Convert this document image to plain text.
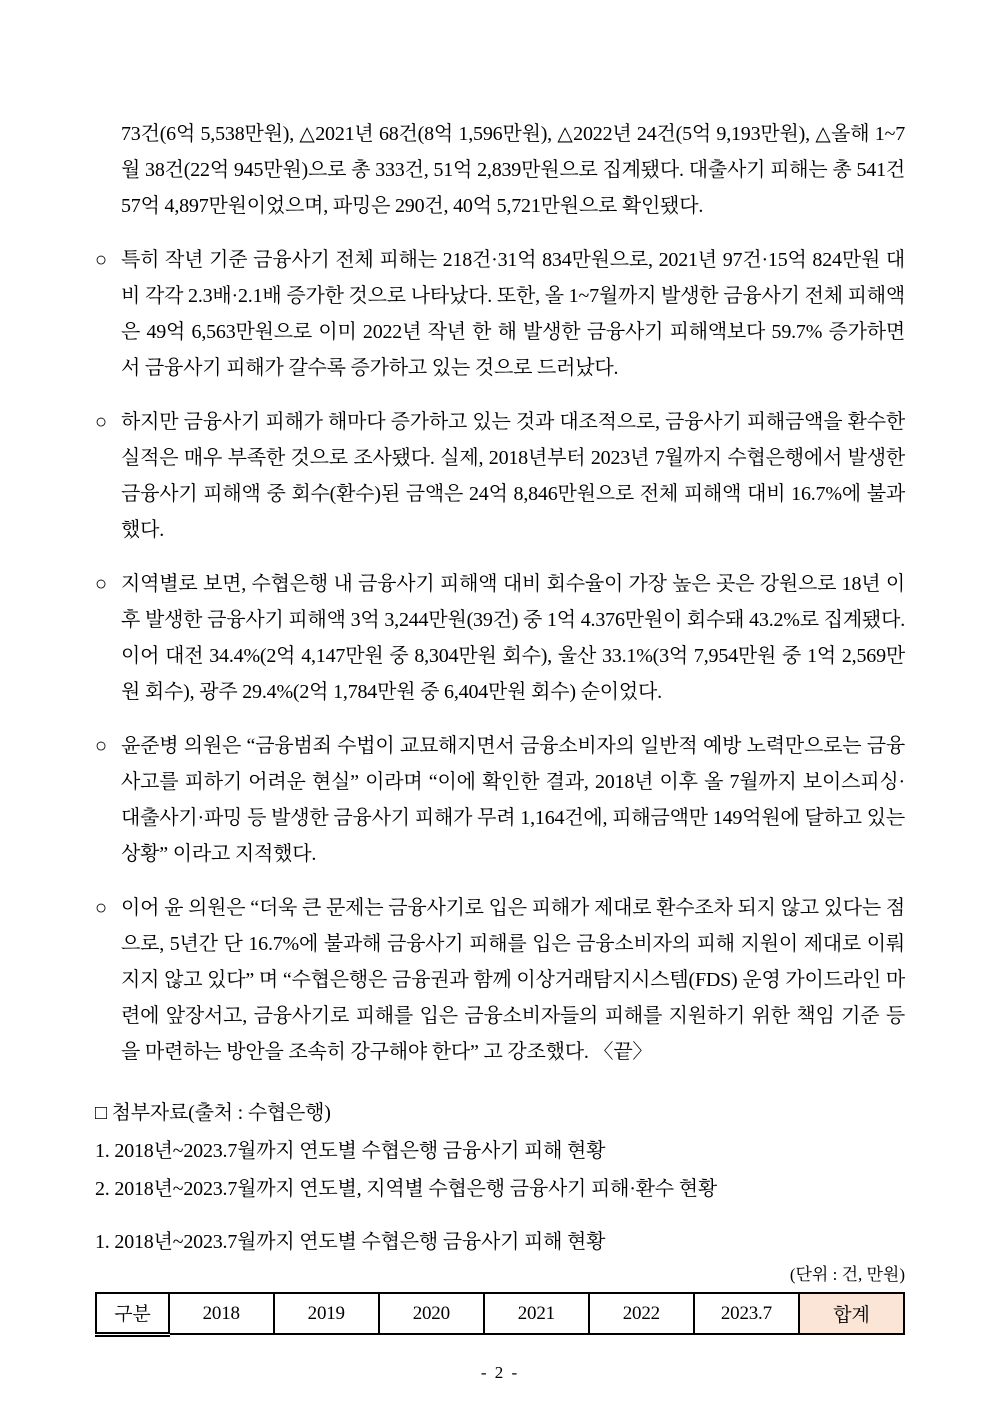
73건(6억 5,538만원), △2021년 68건(8억 1,596만원), △2022년 24건(5억 9,193만원), △올해 1~7월 38건(22억 945만원)으로 총 333건, 51억 2,839만원으로 집계됐다. 대출사기 피해는 총 541건 57억 4,897만원이었으며, 파밍은 290건, 40억 5,721만원으로 확인됐다.
○ 특히 작년 기준 금융사기 전체 피해는 218건·31억 834만원으로, 2021년 97건·15억 824만원 대비 각각 2.3배·2.1배 증가한 것으로 나타났다. 또한, 올 1~7월까지 발생한 금융사기 전체 피해액은 49억 6,563만원으로 이미 2022년 작년 한 해 발생한 금융사기 피해액보다 59.7% 증가하면서 금융사기 피해가 갈수록 증가하고 있는 것으로 드러났다.
○ 하지만 금융사기 피해가 해마다 증가하고 있는 것과 대조적으로, 금융사기 피해금액을 환수한 실적은 매우 부족한 것으로 조사됐다. 실제, 2018년부터 2023년 7월까지 수협은행에서 발생한 금융사기 피해액 중 회수(환수)된 금액은 24억 8,846만원으로 전체 피해액 대비 16.7%에 불과했다.
○ 지역별로 보면, 수협은행 내 금융사기 피해액 대비 회수율이 가장 높은 곳은 강원으로 18년 이후 발생한 금융사기 피해액 3억 3,244만원(39건) 중 1억 4.376만원이 회수돼 43.2%로 집계됐다. 이어 대전 34.4%(2억 4,147만원 중 8,304만원 회수), 울산 33.1%(3억 7,954만원 중 1억 2,569만원 회수), 광주 29.4%(2억 1,784만원 중 6,404만원 회수) 순이었다.
○ 윤준병 의원은 “금융범죄 수법이 교묘해지면서 금융소비자의 일반적 예방 노력만으로는 금융사고를 피하기 어려운 현실” 이라며 “이에 확인한 결과, 2018년 이후 올 7월까지 보이스피싱·대출사기·파밍 등 발생한 금융사기 피해가 무려 1,164건에, 피해금액만 149억원에 달하고 있는 상황” 이라고 지적했다.
○ 이어 윤 의원은 “더욱 큰 문제는 금융사기로 입은 피해가 제대로 환수조차 되지 않고 있다는 점으로, 5년간 단 16.7%에 불과해 금융사기 피해를 입은 금융소비자의 피해 지원이 제대로 이뤄지지 않고 있다” 며 “수협은행은 금융권과 함께 이상거래탐지시스템(FDS) 운영 가이드라인 마련에 앞장서고, 금융사기로 피해를 입은 금융소비자들의 피해를 지원하기 위한 책임 기준 등을 마련하는 방안을 조속히 강구해야 한다” 고 강조했다. 〈끝〉
□ 첨부자료(출처 : 수협은행)
1. 2018년~2023.7월까지 연도별 수협은행 금융사기 피해 현황
2. 2018년~2023.7월까지 연도별, 지역별 수협은행 금융사기 피해·환수 현황
1. 2018년~2023.7월까지 연도별 수협은행 금융사기 피해 현황
(단위 : 건, 만원)
구분	2018	2019	2020	2021	2022	2023.7	합계
- 2 -
